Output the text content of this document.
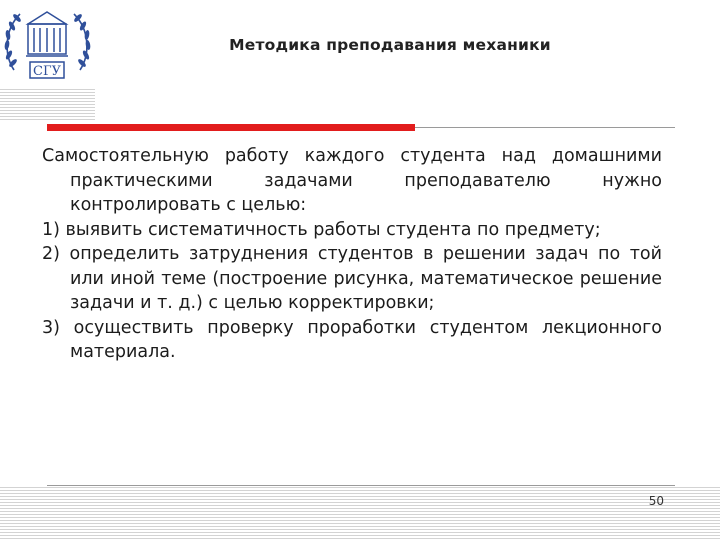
СГУ
Методика преподавания механики
Самостоятельную работу каждого студента над домашними практическими задачами преподавателю нужно контролировать с целью:
1) выявить систематичность работы студента по предмету;
2) определить затруднения студентов в решении задач по той или иной теме (построение рисунка, математическое решение задачи и т. д.) с целью корректировки;
3) осуществить проверку проработки студентом лекционного материала.
50
